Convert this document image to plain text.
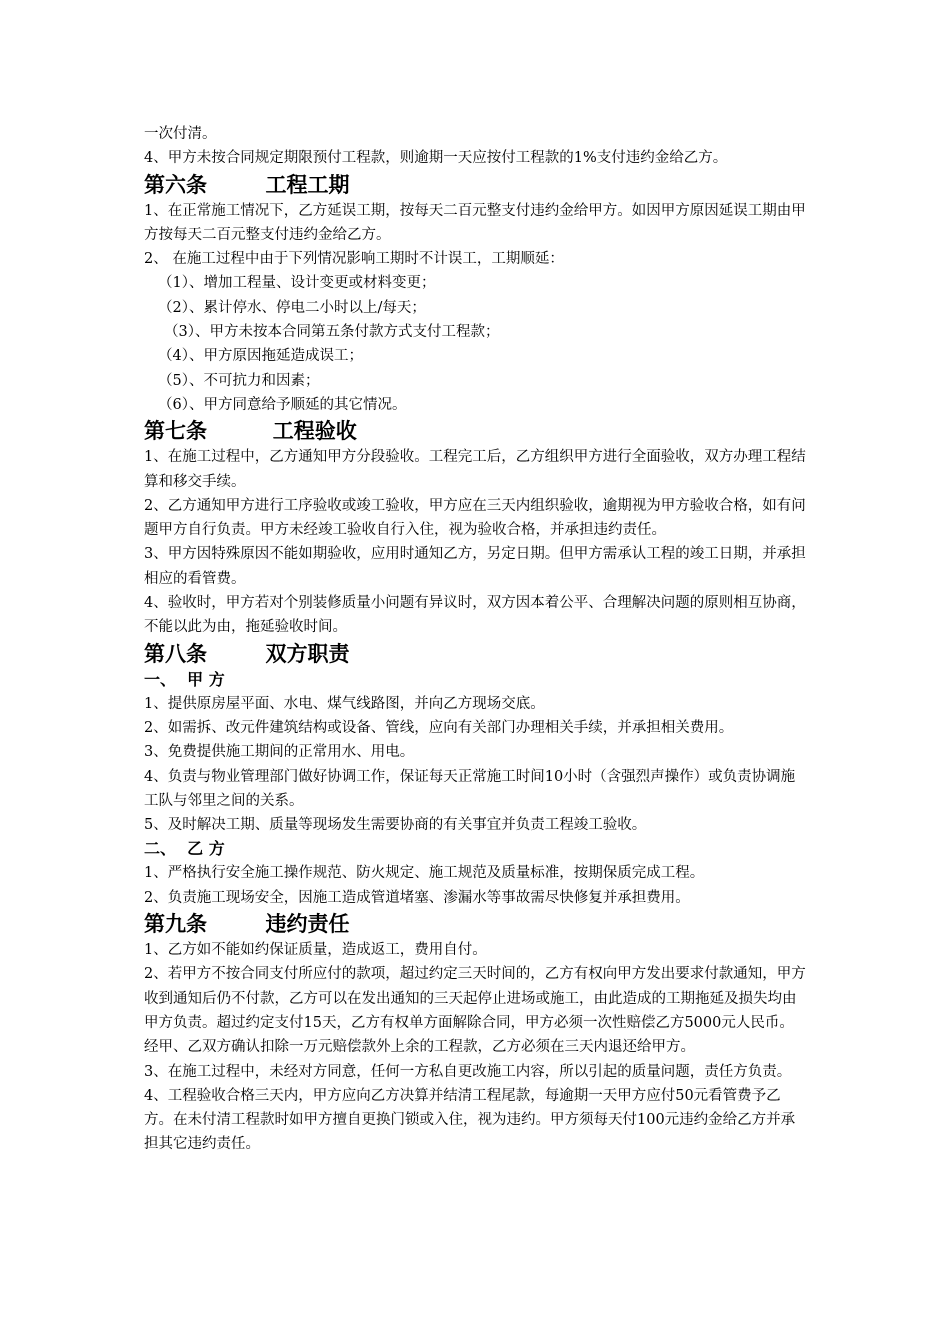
一次付清。

4、甲方未按合同规定期限预付工程款，则逾期一天应按付工程款的1%支付违约金给乙方。

第六条        工程工期

1、在正常施工情况下，乙方延误工期，按每天二百元整支付违约金给甲方。如因甲方原因延误工期由甲方按每天二百元整支付违约金给乙方。

2、 在施工过程中由于下列情况影响工期时不计误工，工期顺延：

（1）、增加工程量、设计变更或材料变更；

（2）、累计停水、停电二小时以上/每天；

（3）、甲方未按本合同第五条付款方式支付工程款；

（4）、甲方原因拖延造成误工；

（5）、不可抗力和因素；

（6）、甲方同意给予顺延的其它情况。

第七条         工程验收

1、在施工过程中，乙方通知甲方分段验收。工程完工后，乙方组织甲方进行全面验收，双方办理工程结算和移交手续。

2、乙方通知甲方进行工序验收或竣工验收，甲方应在三天内组织验收，逾期视为甲方验收合格，如有问题甲方自行负责。甲方未经竣工验收自行入住，视为验收合格，并承担违约责任。

3、甲方因特殊原因不能如期验收，应用时通知乙方，另定日期。但甲方需承认工程的竣工日期，并承担相应的看管费。

4、验收时，甲方若对个别装修质量小问题有异议时，双方因本着公平、合理解决问题的原则相互协商，不能以此为由，拖延验收时间。

第八条        双方职责
一、  甲 方

1、提供原房屋平面、水电、煤气线路图，并向乙方现场交底。

2、如需拆、改元件建筑结构或设备、管线，应向有关部门办理相关手续，并承担相关费用。

3、免费提供施工期间的正常用水、用电。

4、负责与物业管理部门做好协调工作，保证每天正常施工时间10小时（含强烈声操作）或负责协调施工队与邻里之间的关系。

5、及时解决工期、质量等现场发生需要协商的有关事宜并负责工程竣工验收。

二、  乙 方

1、严格执行安全施工操作规范、防火规定、施工规范及质量标准，按期保质完成工程。

2、负责施工现场安全，因施工造成管道堵塞、渗漏水等事故需尽快修复并承担费用。

第九条        违约责任

1、乙方如不能如约保证质量，造成返工，费用自付。

2、若甲方不按合同支付所应付的款项，超过约定三天时间的，乙方有权向甲方发出要求付款通知，甲方收到通知后仍不付款，乙方可以在发出通知的三天起停止进场或施工，由此造成的工期拖延及损失均由甲方负责。超过约定支付15天，乙方有权单方面解除合同，甲方必须一次性赔偿乙方5000元人民币。经甲、乙双方确认扣除一万元赔偿款外上余的工程款，乙方必须在三天内退还给甲方。

3、在施工过程中，未经对方同意，任何一方私自更改施工内容，所以引起的质量问题，责任方负责。

4、工程验收合格三天内，甲方应向乙方决算并结清工程尾款，每逾期一天甲方应付50元看管费予乙方。在未付清工程款时如甲方擅自更换门锁或入住，视为违约。甲方须每天付100元违约金给乙方并承担其它违约责任。
